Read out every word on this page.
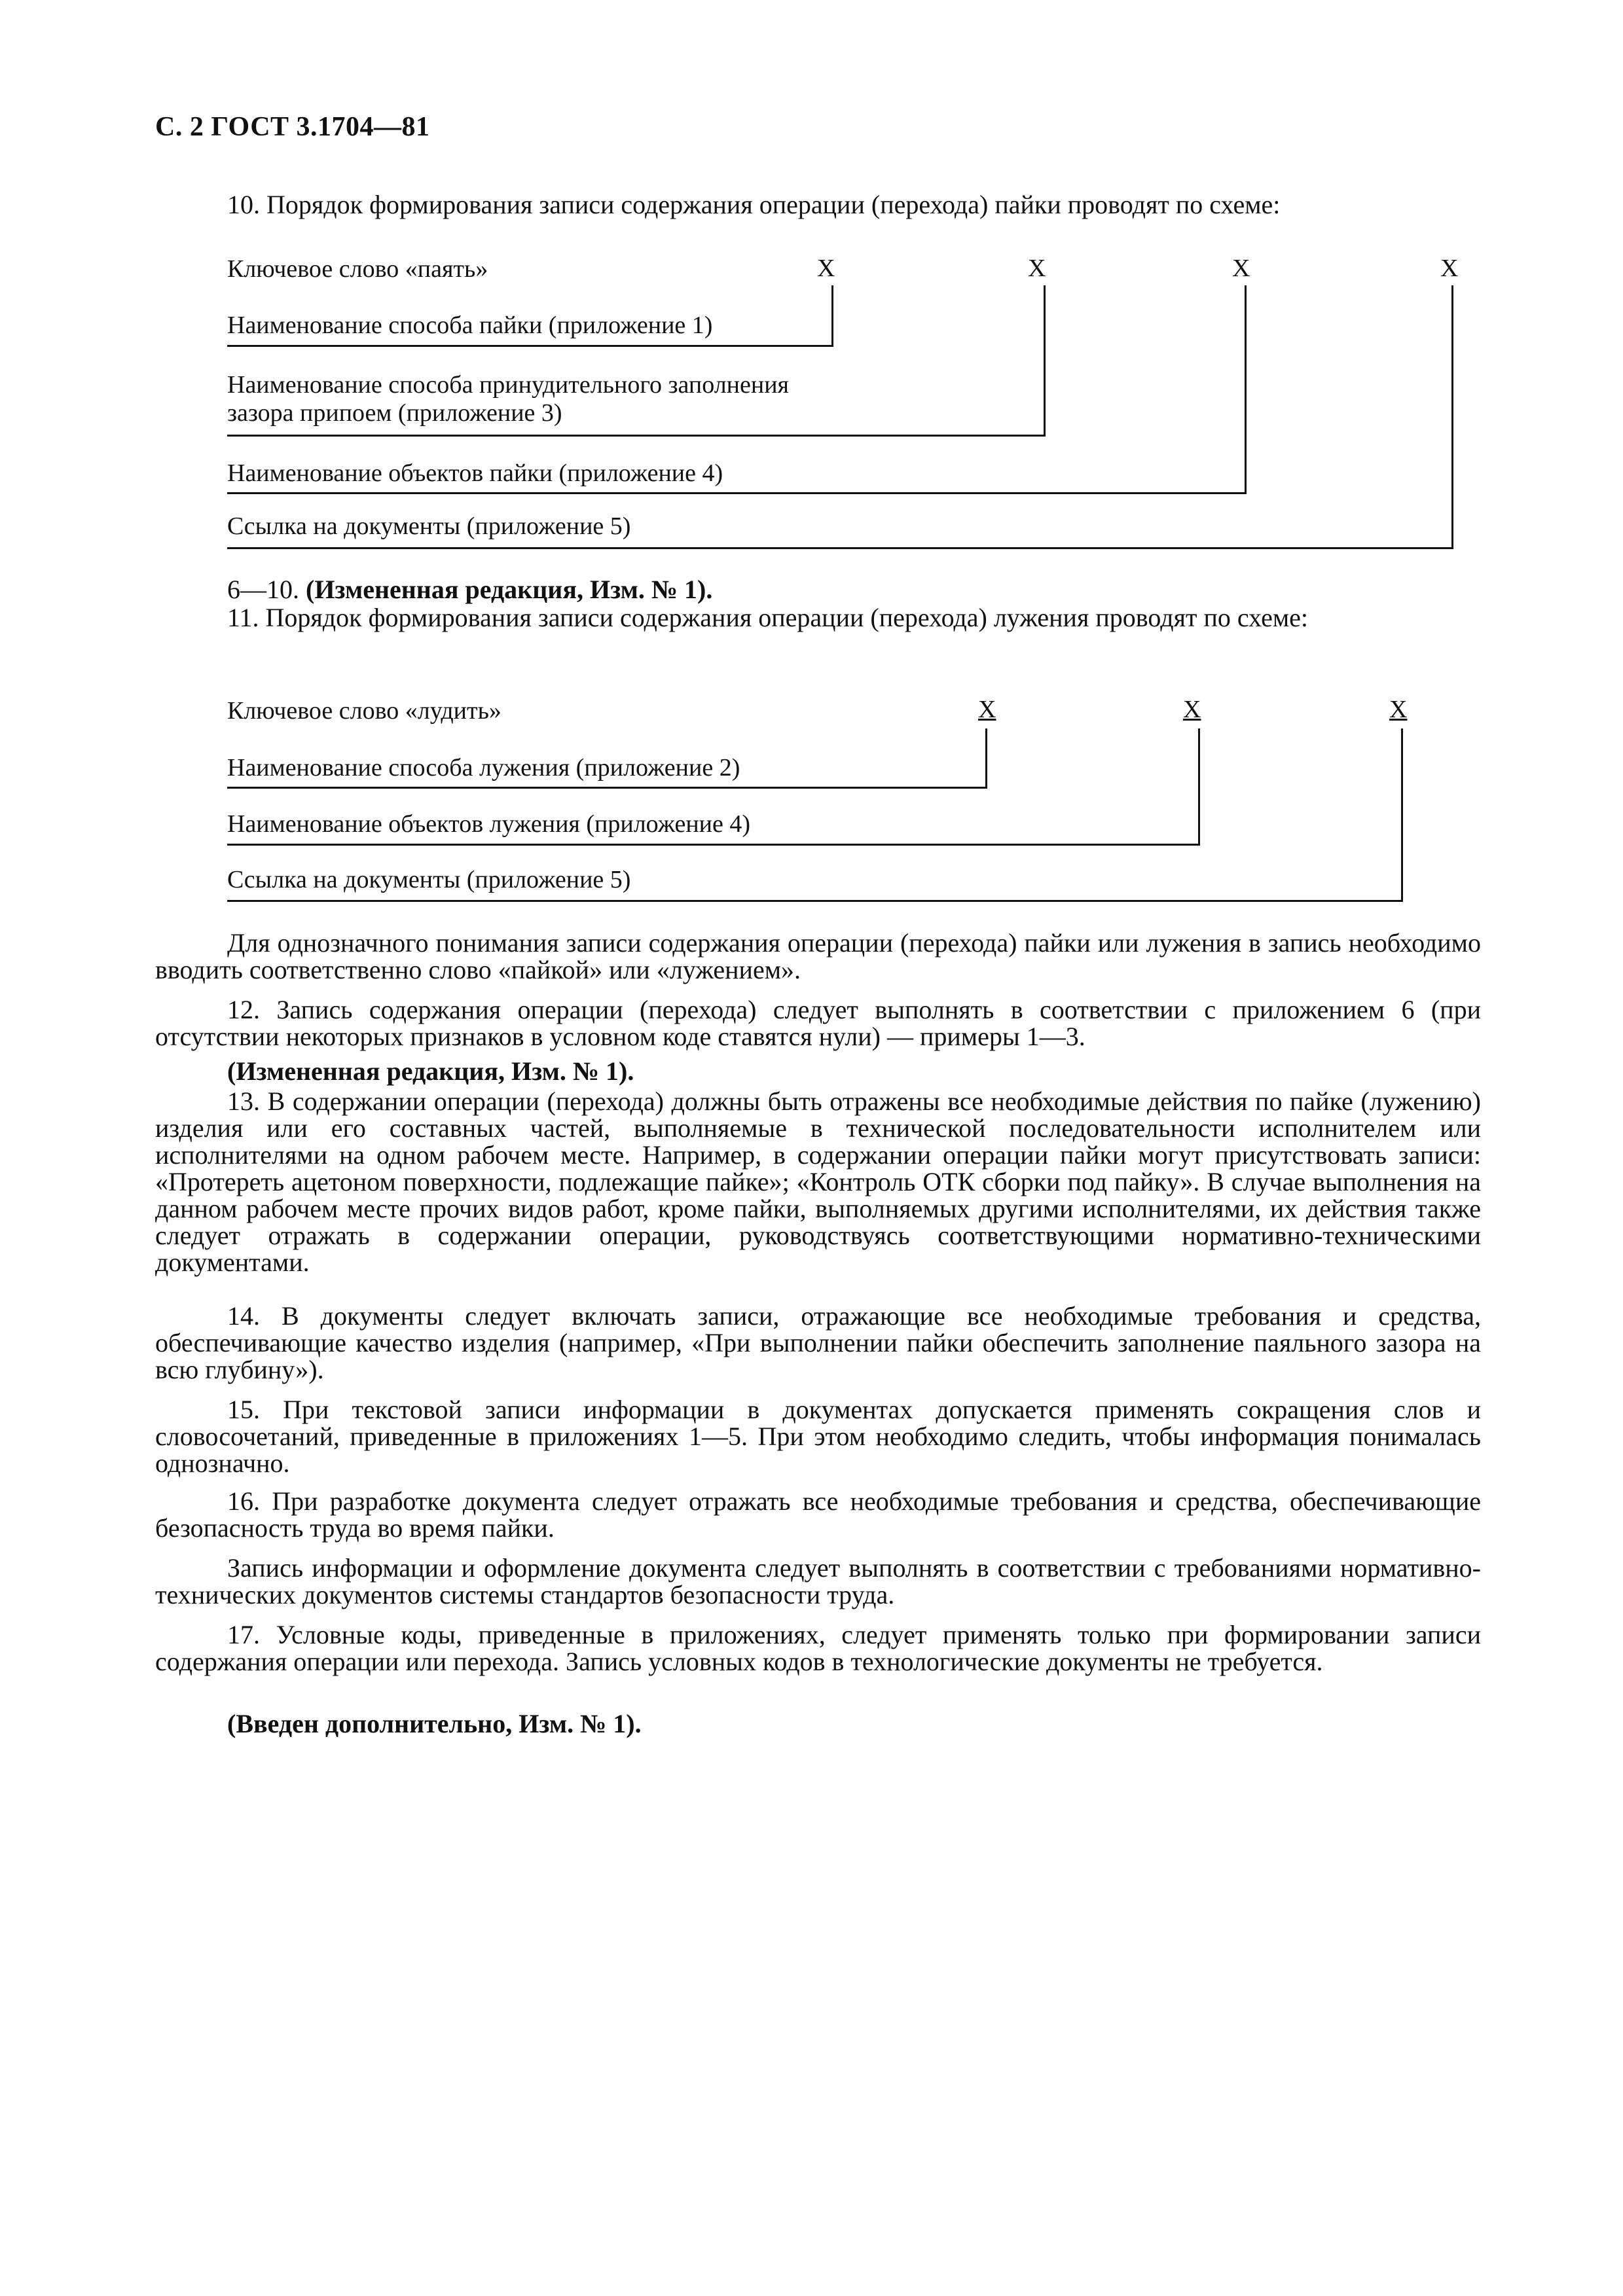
С. 2 ГОСТ 3.1704—81

10. Порядок формирования записи содержания операции (перехода) пайки проводят по схеме:

Ключевое слово «паять»	X	X	X	X
Наименование способа пайки (приложение 1)
Наименование способа принудительного заполнения
зазора припоем (приложение 3)
Наименование объектов пайки (приложение 4)
Ссылка на документы (приложение 5)
6—10. (Измененная редакция, Изм. № 1).

11. Порядок формирования записи содержания операции (перехода) лужения проводят по схеме:

Ключевое слово «лудить»	X	X	X
Наименование способа лужения (приложение 2)
Наименование объектов лужения (приложение 4)
Ссылка на документы (приложение 5)

Для однозначного понимания записи содержания операции (перехода) пайки или лужения в запись необходимо вводить соответственно слово «пайкой» или «лужением».

12. Запись содержания операции (перехода) следует выполнять в соответствии с приложением 6 (при отсутствии некоторых признаков в условном коде ставятся нули) — примеры 1—3.

(Измененная редакция, Изм. № 1).

13. В содержании операции (перехода) должны быть отражены все необходимые действия по пайке (лужению) изделия или его составных частей, выполняемые в технической последовательности исполнителем или исполнителями на одном рабочем месте. Например, в содержании операции пайки могут присутствовать записи: «Протереть ацетоном поверхности, подлежащие пайке»; «Контроль ОТК сборки под пайку». В случае выполнения на данном рабочем месте прочих видов работ, кроме пайки, выполняемых другими исполнителями, их действия также следует отражать в содержании операции, руководствуясь соответствующими нормативно-техническими документами.

14. В документы следует включать записи, отражающие все необходимые требования и средства, обеспечивающие качество изделия (например, «При выполнении пайки обеспечить заполнение паяльного зазора на всю глубину»).

15. При текстовой записи информации в документах допускается применять сокращения слов и словосочетаний, приведенные в приложениях 1—5. При этом необходимо следить, чтобы информация понималась однозначно.

16. При разработке документа следует отражать все необходимые требования и средства, обеспечивающие безопасность труда во время пайки.

Запись информации и оформление документа следует выполнять в соответствии с требованиями нормативно-технических документов системы стандартов безопасности труда.

17. Условные коды, приведенные в приложениях, следует применять только при формировании записи содержания операции или перехода. Запись условных кодов в технологические документы не требуется.

(Введен дополнительно, Изм. № 1).
